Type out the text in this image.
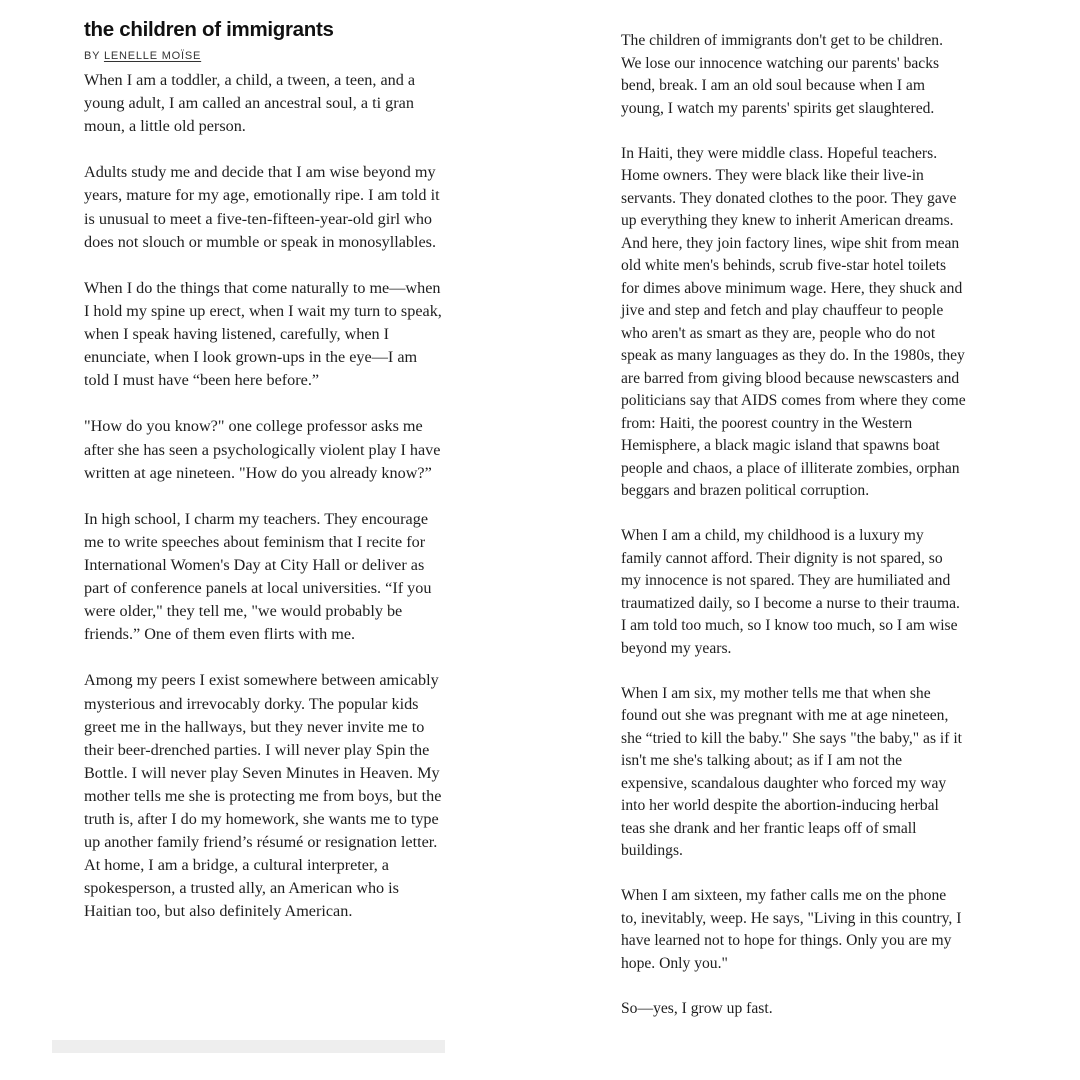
the children of immigrants
BY LENELLE MOÏSE

When I am a toddler, a child, a tween, a teen, and a young adult, I am called an ancestral soul, a ti gran moun, a little old person.

Adults study me and decide that I am wise beyond my years, mature for my age, emotionally ripe. I am told it is unusual to meet a five-ten-fifteen-year-old girl who does not slouch or mumble or speak in monosyllables.

When I do the things that come naturally to me—when I hold my spine up erect, when I wait my turn to speak, when I speak having listened, carefully, when I enunciate, when I look grown-ups in the eye—I am told I must have “been here before.”

"How do you know?" one college professor asks me after she has seen a psychologically violent play I have written at age nineteen. "How do you already know?”

In high school, I charm my teachers. They encourage me to write speeches about feminism that I recite for International Women's Day at City Hall or deliver as part of conference panels at local universities. “If you were older," they tell me, "we would probably be friends.” One of them even flirts with me.

Among my peers I exist somewhere between amicably mysterious and irrevocably dorky. The popular kids greet me in the hallways, but they never invite me to their beer-drenched parties. I will never play Spin the Bottle. I will never play Seven Minutes in Heaven. My mother tells me she is protecting me from boys, but the truth is, after I do my homework, she wants me to type up another family friend’s résumé or resignation letter. At home, I am a bridge, a cultural interpreter, a spokesperson, a trusted ally, an American who is Haitian too, but also definitely American.

The children of immigrants don't get to be children. We lose our innocence watching our parents' backs bend, break. I am an old soul because when I am young, I watch my parents' spirits get slaughtered.

In Haiti, they were middle class. Hopeful teachers. Home owners. They were black like their live-in servants. They donated clothes to the poor. They gave up everything they knew to inherit American dreams. And here, they join factory lines, wipe shit from mean old white men's behinds, scrub five-star hotel toilets for dimes above minimum wage. Here, they shuck and jive and step and fetch and play chauffeur to people who aren't as smart as they are, people who do not speak as many languages as they do. In the 1980s, they are barred from giving blood because newscasters and politicians say that AIDS comes from where they come from: Haiti, the poorest country in the Western Hemisphere, a black magic island that spawns boat people and chaos, a place of illiterate zombies, orphan beggars and brazen political corruption.

When I am a child, my childhood is a luxury my family cannot afford. Their dignity is not spared, so my innocence is not spared. They are humiliated and traumatized daily, so I become a nurse to their trauma. I am told too much, so I know too much, so I am wise beyond my years.

When I am six, my mother tells me that when she found out she was pregnant with me at age nineteen, she “tried to kill the baby." She says "the baby," as if it isn't me she's talking about; as if I am not the expensive, scandalous daughter who forced my way into her world despite the abortion-inducing herbal teas she drank and her frantic leaps off of small buildings.

When I am sixteen, my father calls me on the phone to, inevitably, weep. He says, "Living in this country, I have learned not to hope for things. Only you are my hope. Only you."

So—yes, I grow up fast.
